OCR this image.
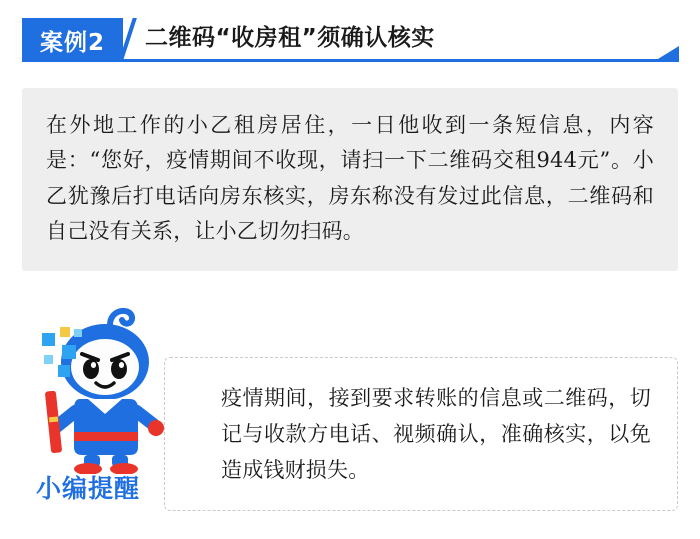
案例2	二维码“收房租”须确认核实
在外地工作的小乙租房居住，一日他收到一条短信息，内容是：“您好，疫情期间不收现，请扫一下二维码交租944元”。小乙犹豫后打电话向房东核实，房东称没有发过此信息，二维码和自己没有关系，让小乙切勿扫码。
小编提醒
疫情期间，接到要求转账的信息或二维码，切记与收款方电话、视频确认，准确核实，以免造成钱财损失。
